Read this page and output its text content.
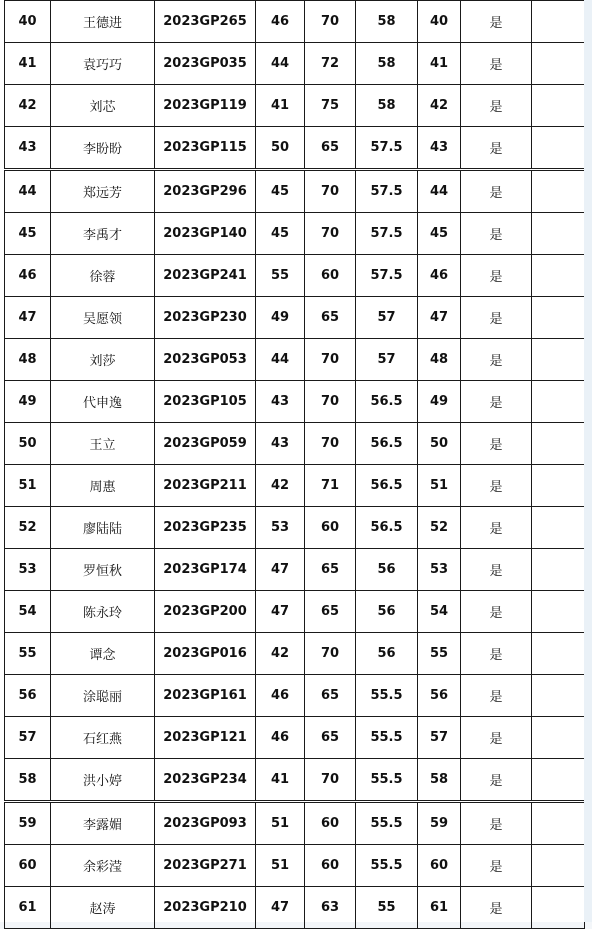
40	王德进	2023GP265	46	70	58	40	是	
41	袁巧巧	2023GP035	44	72	58	41	是	
42	刘芯	2023GP119	41	75	58	42	是	
43	李盼盼	2023GP115	50	65	57.5	43	是	
44	郑远芳	2023GP296	45	70	57.5	44	是	
45	李禹才	2023GP140	45	70	57.5	45	是	
46	徐蓉	2023GP241	55	60	57.5	46	是	
47	吴愿领	2023GP230	49	65	57	47	是	
48	刘莎	2023GP053	44	70	57	48	是	
49	代申逸	2023GP105	43	70	56.5	49	是	
50	王立	2023GP059	43	70	56.5	50	是	
51	周惠	2023GP211	42	71	56.5	51	是	
52	廖陆陆	2023GP235	53	60	56.5	52	是	
53	罗恒秋	2023GP174	47	65	56	53	是	
54	陈永玲	2023GP200	47	65	56	54	是	
55	谭念	2023GP016	42	70	56	55	是	
56	涂聪丽	2023GP161	46	65	55.5	56	是	
57	石红燕	2023GP121	46	65	55.5	57	是	
58	洪小婷	2023GP234	41	70	55.5	58	是	
59	李露媚	2023GP093	51	60	55.5	59	是	
60	余彩滢	2023GP271	51	60	55.5	60	是	
61	赵涛	2023GP210	47	63	55	61	是	
